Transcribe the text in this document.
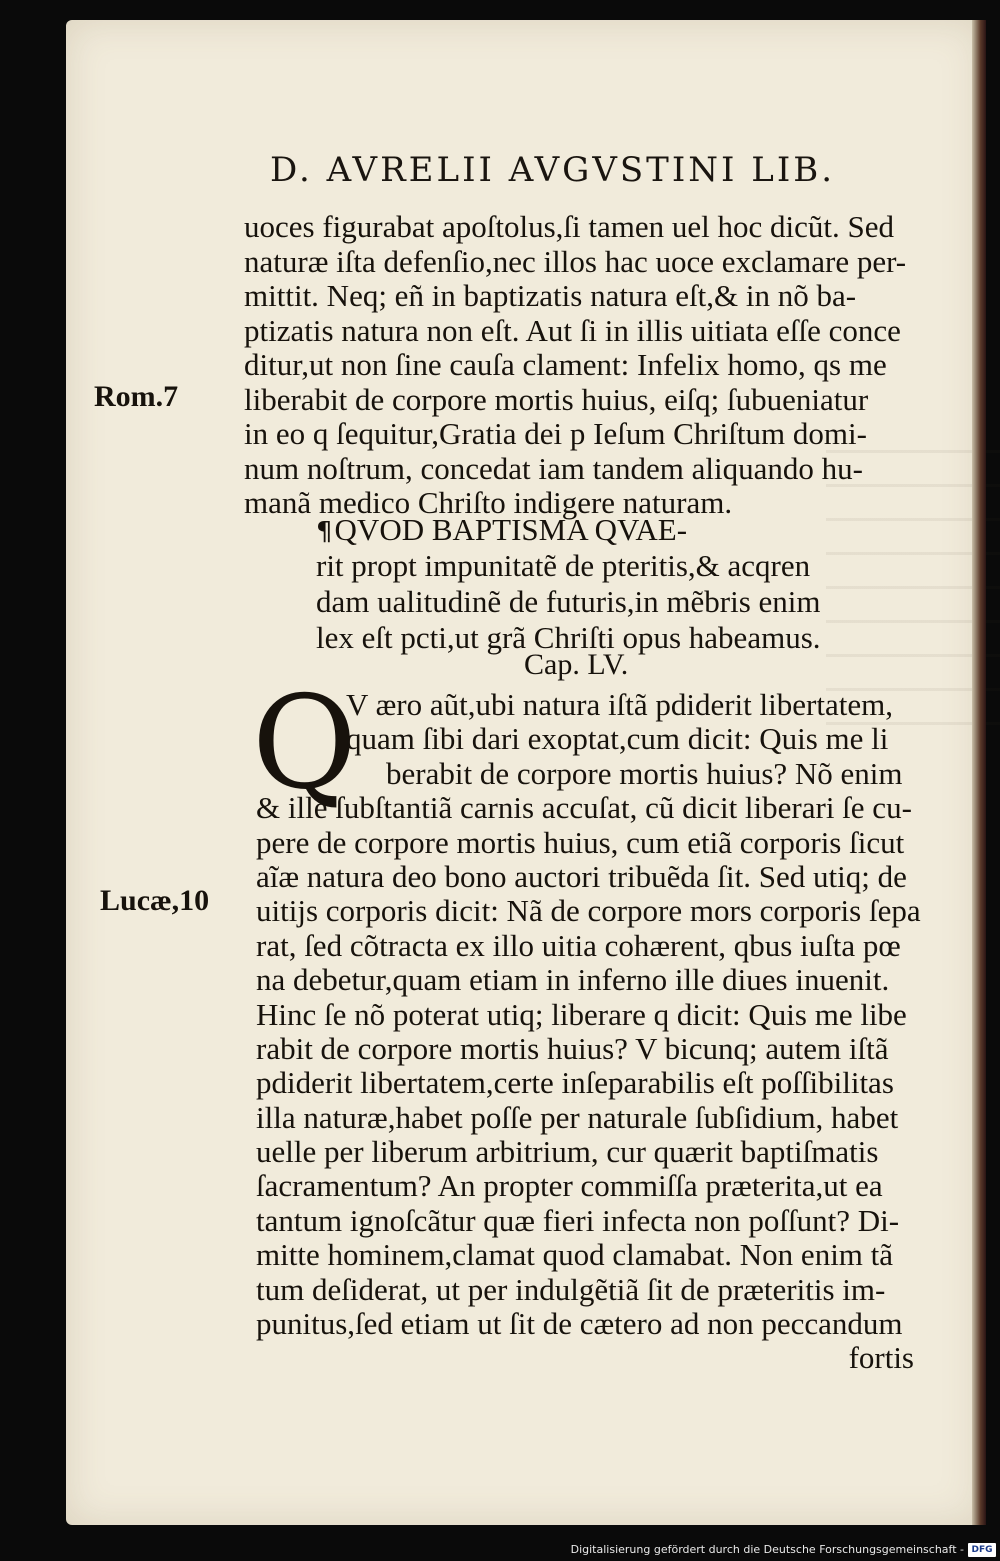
D. AVRELII AVGVSTINI LIB.
uoces figurabat apoſtolus,ſi tamen uel hoc dicũt. Sed
naturæ iſta defenſio,nec illos hac uoce exclamare per-
mittit. Neq; eñ in baptizatis natura eſt,& in nõ ba-
ptizatis natura non eſt. Aut ſi in illis uitiata eſſe conce
ditur,ut non ſine cauſa clament: Infelix homo, qs me
liberabit de corpore mortis huius, eiſq; ſubueniatur
in eo q ſequitur,Gratia dei p Ieſum Chriſtum domi-
num noſtrum, concedat iam tandem aliquando hu-
manã medico Chriſto indigere naturam.
¶QVOD BAPTISMA QVAE-
rit propt impunitatẽ de pteritis,& acqren
dam ualitudinẽ de futuris,in mẽbris enim
lex eſt pcti,ut grã Chriſti opus habeamus.
Cap. LV.
Q
V æro aũt,ubi natura iſtã pdiderit libertatem,
quam ſibi dari exoptat,cum dicit: Quis me li
berabit de corpore mortis huius? Nõ enim
& ille ſubſtantiã carnis accuſat, cũ dicit liberari ſe cu-
pere de corpore mortis huius, cum etiã corporis ſicut
aĩæ natura deo bono auctori tribuẽda ſit. Sed utiq; de
uitijs corporis dicit: Nã de corpore mors corporis ſepa
rat, ſed cõtracta ex illo uitia cohærent, qbus iuſta pœ
na debetur,quam etiam in inferno ille diues inuenit.
Hinc ſe nõ poterat utiq; liberare q dicit: Quis me libe
rabit de corpore mortis huius? V bicunq; autem iſtã
pdiderit libertatem,certe inſeparabilis eſt poſſibilitas
illa naturæ,habet poſſe per naturale ſubſidium, habet
uelle per liberum arbitrium, cur quærit baptiſmatis
ſacramentum? An propter commiſſa præterita,ut ea
tantum ignoſcãtur quæ fieri infecta non poſſunt? Di-
mitte hominem,clamat quod clamabat. Non enim tã
tum deſiderat, ut per indulgẽtiã ſit de præteritis im-
punitus,ſed etiam ut ſit de cætero ad non peccandum
fortis
Rom.7
Lucæ,10
Digitalisierung gefördert durch die Deutsche Forschungsgemeinschaft - DFG
